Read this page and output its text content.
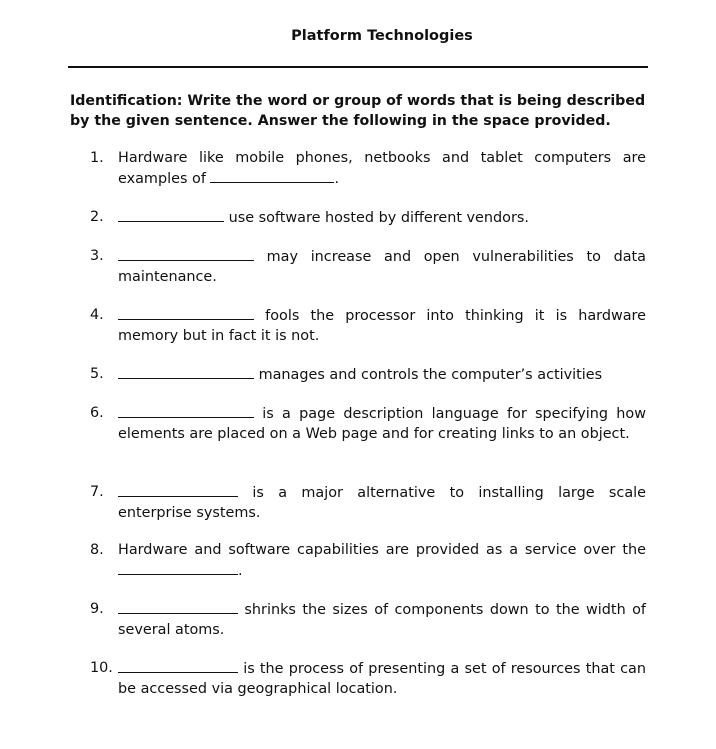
Platform Technologies
Identification: Write the word or group of words that is being described by the given sentence. Answer the following in the space provided.
1. Hardware like mobile phones, netbooks and tablet computers are examples of	.
2.	use software hosted by different vendors.
3.	may increase and open vulnerabilities to data maintenance.
4.	fools the processor into thinking it is hardware memory but in fact it is not.
5.	manages and controls the computer’s activities
6.	is a page description language for specifying how elements are placed on a Web page and for creating links to an object.
7.	is a major alternative to installing large scale enterprise systems.
8. Hardware and software capabilities are provided as a service over the .
9.	shrinks the sizes of components down to the width of several atoms.
10.	is the process of presenting a set of resources that can be accessed via geographical location.
